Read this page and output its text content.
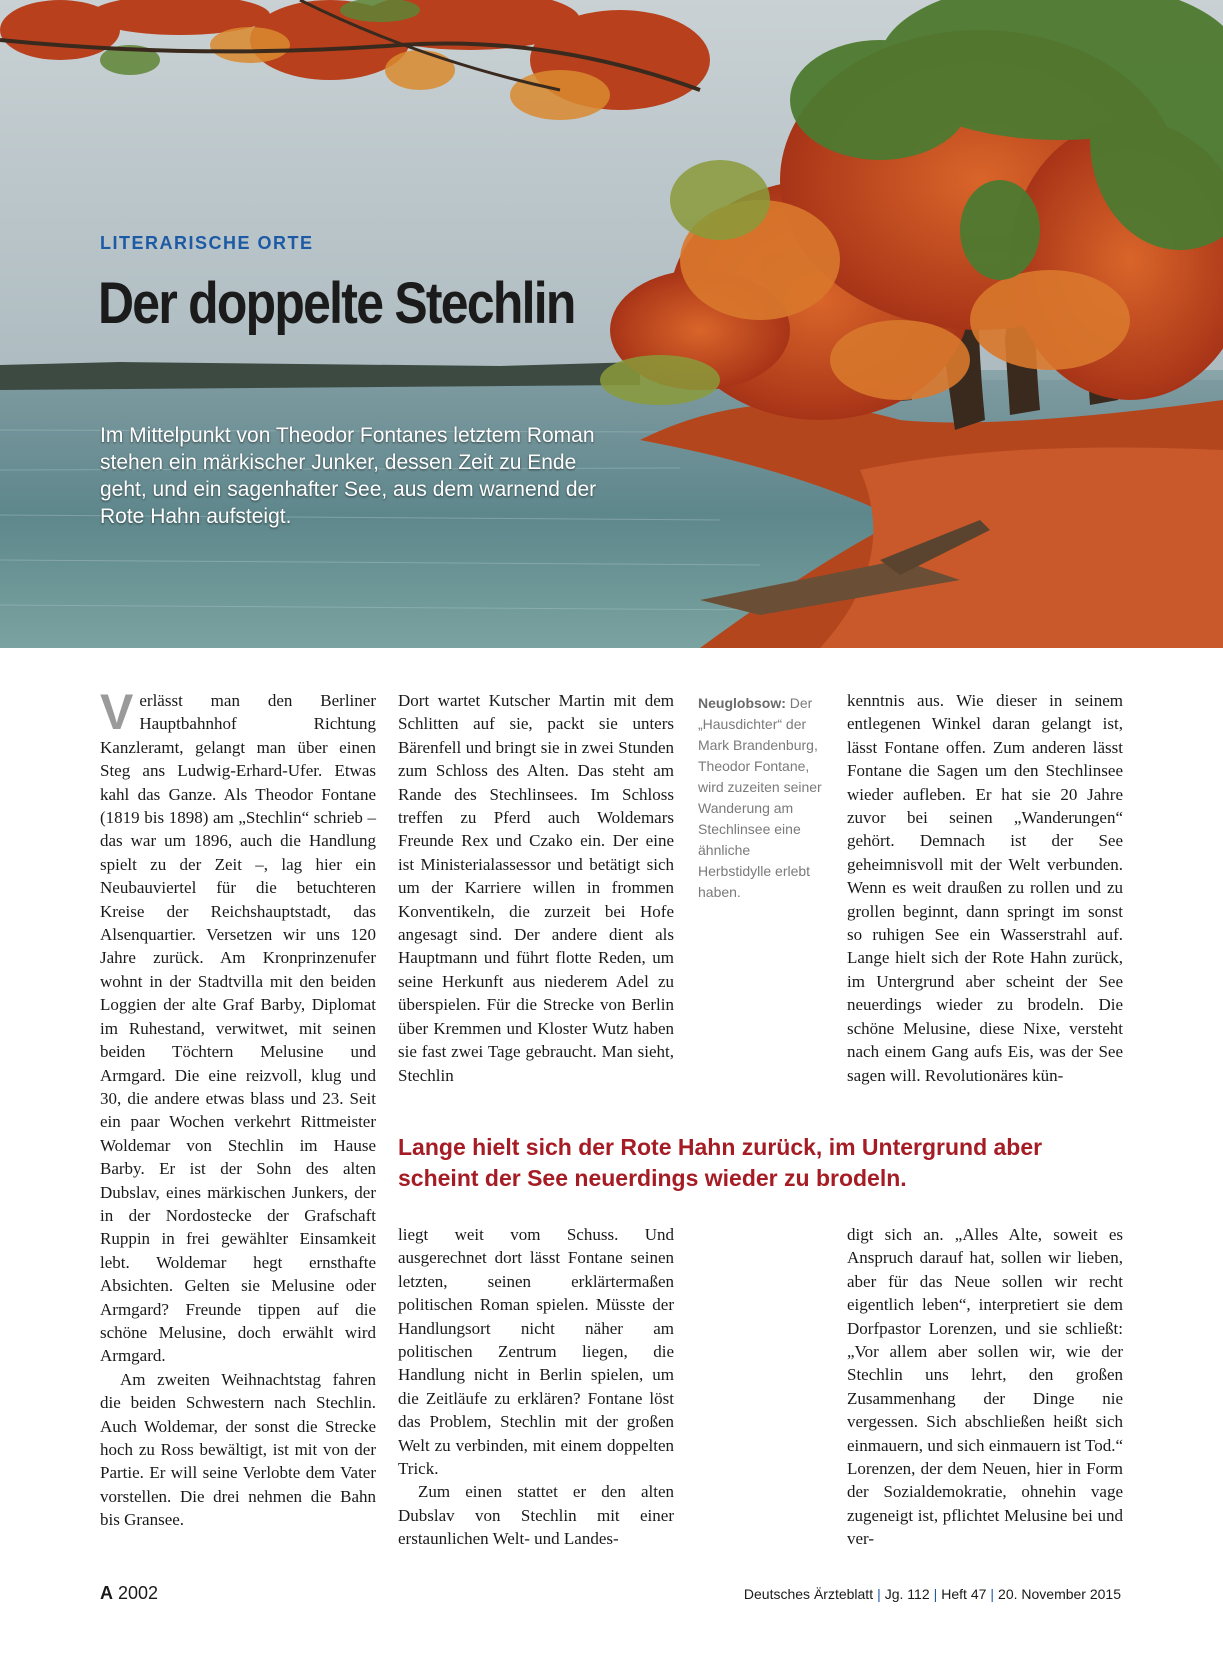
LITERARISCHE ORTE
Der doppelte Stechlin

Im Mittelpunkt von Theodor Fontanes letztem Roman stehen ein märkischer Junker, dessen Zeit zu Ende geht, und ein sagenhafter See, aus dem warnend der Rote Hahn aufsteigt.

Verlässt man den Berliner Hauptbahnhof Richtung Kanzleramt, gelangt man über einen Steg ans Ludwig-Erhard-Ufer. Etwas kahl das Ganze. Als Theodor Fontane (1819 bis 1898) am „Stechlin“ schrieb – das war um 1896, auch die Handlung spielt zu der Zeit –, lag hier ein Neubauviertel für die betuchteren Kreise der Reichshauptstadt, das Alsenquartier. Versetzen wir uns 120 Jahre zurück. Am Kronprinzenufer wohnt in der Stadtvilla mit den beiden Loggien der alte Graf Barby, Diplomat im Ruhestand, verwitwet, mit seinen beiden Töchtern Melusine und Armgard. Die eine reizvoll, klug und 30, die andere etwas blass und 23. Seit ein paar Wochen verkehrt Rittmeister Woldemar von Stechlin im Hause Barby. Er ist der Sohn des alten Dubslav, eines märkischen Junkers, der in der Nordostecke der Grafschaft Ruppin in frei gewählter Einsamkeit lebt. Woldemar hegt ernsthafte Absichten. Gelten sie Melusine oder Armgard? Freunde tippen auf die schöne Melusine, doch erwählt wird Armgard.

Am zweiten Weihnachtstag fahren die beiden Schwestern nach Stechlin. Auch Woldemar, der sonst die Strecke hoch zu Ross bewältigt, ist mit von der Partie. Er will seine Verlobte dem Vater vorstellen. Die drei nehmen die Bahn bis Gransee.

Dort wartet Kutscher Martin mit dem Schlitten auf sie, packt sie unters Bärenfell und bringt sie in zwei Stunden zum Schloss des Alten. Das steht am Rande des Stechlinsees. Im Schloss treffen zu Pferd auch Woldemars Freunde Rex und Czako ein. Der eine ist Ministerialassessor und betätigt sich um der Karriere willen in frommen Konventikeln, die zurzeit bei Hofe angesagt sind. Der andere dient als Hauptmann und führt flotte Reden, um seine Herkunft aus niederem Adel zu überspielen. Für die Strecke von Berlin über Kremmen und Kloster Wutz haben sie fast zwei Tage gebraucht. Man sieht, Stechlin

Neuglobsow: Der „Hausdichter“ der Mark Brandenburg, Theodor Fontane, wird zuzeiten seiner Wanderung am Stechlinsee eine ähnliche Herbstidylle erlebt haben.

kenntnis aus. Wie dieser in seinem entlegenen Winkel daran gelangt ist, lässt Fontane offen. Zum anderen lässt Fontane die Sagen um den Stechlinsee wieder aufleben. Er hat sie 20 Jahre zuvor bei seinen „Wanderungen“ gehört. Demnach ist der See geheimnisvoll mit der Welt verbunden. Wenn es weit draußen zu rollen und zu grollen beginnt, dann springt im sonst so ruhigen See ein Wasserstrahl auf. Lange hielt sich der Rote Hahn zurück, im Untergrund aber scheint der See neuerdings wieder zu brodeln. Die schöne Melusine, diese Nixe, versteht nach einem Gang aufs Eis, was der See sagen will. Revolutionäres kün-

Lange hielt sich der Rote Hahn zurück, im Untergrund aber scheint der See neuerdings wieder zu brodeln.

liegt weit vom Schuss. Und ausgerechnet dort lässt Fontane seinen letzten, seinen erklärtermaßen politischen Roman spielen. Müsste der Handlungsort nicht näher am politischen Zentrum liegen, die Handlung nicht in Berlin spielen, um die Zeitläufe zu erklären? Fontane löst das Problem, Stechlin mit der großen Welt zu verbinden, mit einem doppelten Trick.

Zum einen stattet er den alten Dubslav von Stechlin mit einer erstaunlichen Welt- und Landes-

digt sich an. „Alles Alte, soweit es Anspruch darauf hat, sollen wir lieben, aber für das Neue sollen wir recht eigentlich leben“, interpretiert sie dem Dorfpastor Lorenzen, und sie schließt: „Vor allem aber sollen wir, wie der Stechlin uns lehrt, den großen Zusammenhang der Dinge nie vergessen. Sich abschließen heißt sich einmauern, und sich einmauern ist Tod.“ Lorenzen, der dem Neuen, hier in Form der Sozialdemokratie, ohnehin vage zugeneigt ist, pflichtet Melusine bei und ver-

A 2002	Deutsches Ärzteblatt | Jg. 112 | Heft 47 | 20. November 2015
